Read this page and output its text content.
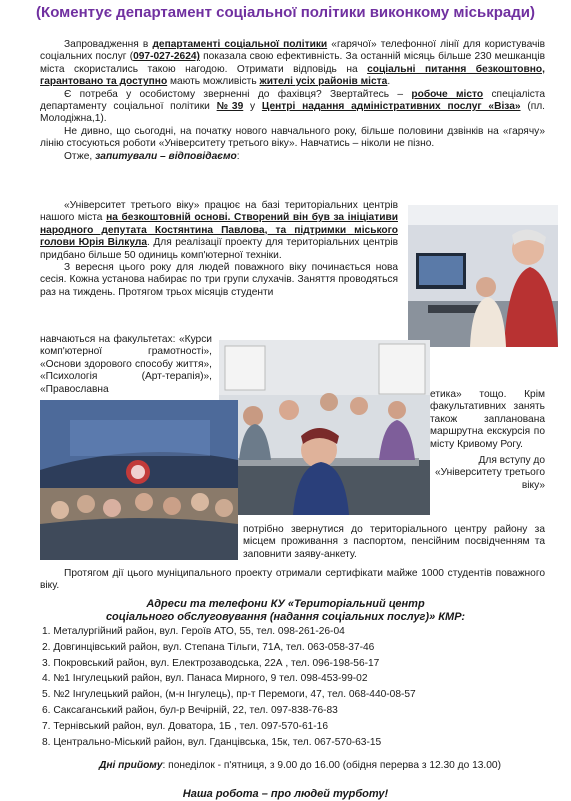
(Коментує департамент соціальної політики виконкому міськради)

Запровадження в департаменті соціальної політики «гарячої» телефонної лінії для користувачів соціальних послуг (097-027-2624) показала свою ефективність. За останній місяць більше 230 мешканців міста скористались такою нагодою. Отримати відповідь на соціальні питання безкоштовно, гарантовано та доступно мають можливість жителі усіх районів міста.

Є потреба у особистому зверненні до фахівця? Звертайтесь – робоче місто спеціаліста департаменту соціальної політики №39 у Центрі надання адміністративних послуг «Віза» (пл. Молодіжна,1).

Не дивно, що сьогодні, на початку нового навчального року, більше половини дзвінків на «гарячу» лінію стосуються роботи «Університету третього віку». Навчатись – ніколи не пізно.

Отже, запитували – відповідаємо:

«Університет третього віку» працює на базі територіальних центрів нашого міста на безкоштовній основі. Створений він був за ініціативи народного депутата Костянтина Павлова, та підтримки міського голови Юрія Вілкула. Для реалізації проекту для територіальних центрів придбано більше 50 одиниць комп'ютерної техніки.

З вересня цього року для людей поважного віку починається нова сесія. Кожна установа набирає по три групи слухачів. Заняття проводяться раз на тиждень. Протягом трьох місяців студенти

навчаються на факультетах: «Курси комп'ютерної грамотності», «Основи здорового способу життя», «Психологія (Арт-терапія)», «Православна	етика» тощо. Крім факультативних занять також запланована маршрутна екскурсія по місту Кривому Рогу.

Для вступу до «Університету третього віку»

потрібно звернутися до територіального центру району за місцем проживання з паспортом, пенсійним посвідченням та заповнити заяву-анкету.

Протягом дії цього муніципального проекту отримали сертифікати майже 1000 студентів поважного віку.

Адреси та телефони КУ «Територіальний центр
соціального обслуговування (надання соціальних послуг)» КМР:
1. Металургійний район, вул. Героїв АТО, 55, тел. 098-261-26-04
2. Довгинцівський район, вул. Степана Тільги, 71А, тел. 063-058-37-46
3. Покровський район, вул. Електрозаводська, 22А , тел. 096-198-56-17
4. №1 Інгулецький район, вул. Панаса Мирного, 9 тел. 098-453-99-02
5. №2 Інгулецький район, (м-н Інгулець), пр-т Перемоги, 47, тел. 068-440-08-57
6. Саксаганський район, бул-р Вечірній, 22, тел. 097-838-76-83
7. Тернівський район, вул. Доватора, 1Б , тел. 097-570-61-16
8. Центрально-Міський район, вул. Гданцівська, 15к, тел. 067-570-63-15
Дні прийому: понеділок - п'ятниця, з 9.00 до 16.00 (обідня перерва з 12.30 до 13.00)
Наша робота – про людей турботу!
